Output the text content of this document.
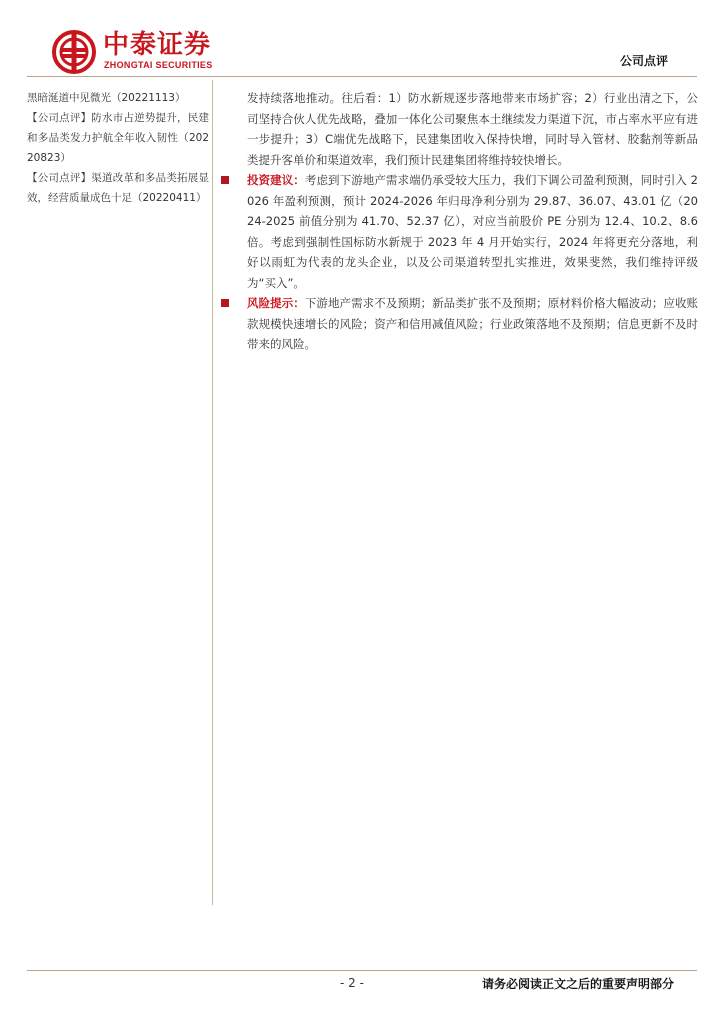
中泰证券
ZHONGTAI SECURITIES	公司点评

黑暗涎道中见微光（20221113）

【公司点评】防水市占逆势提升，民建和多品类发力护航全年收入韧性（20220823）

【公司点评】渠道改革和多品类拓展显效，经营质量成色十足（20220411）

发持续落地推动。往后看：1）防水新规逐步落地带来市场扩容；2）行业出清之下，公司坚持合伙人优先战略，叠加一体化公司聚焦本土继续发力渠道下沉，市占率水平应有进一步提升；3）C端优先战略下，民建集团收入保持快增，同时导入管材、胶黏剂等新品类提升客单价和渠道效率，我们预计民建集团将维持较快增长。

投资建议：考虑到下游地产需求端仍承受较大压力，我们下调公司盈利预测，同时引入 2026 年盈利预测，预计 2024-2026 年归母净利分别为 29.87、36.07、43.01 亿（2024-2025 前值分别为 41.70、52.37 亿），对应当前股价 PE 分别为 12.4、10.2、8.6 倍。考虑到强制性国标防水新规于 2023 年 4 月开始实行，2024 年将更充分落地，利好以雨虹为代表的龙头企业，以及公司渠道转型扎实推进，效果斐然，我们维持评级为“买入”。

风险提示：下游地产需求不及预期；新品类扩张不及预期；原材料价格大幅波动；应收账款规模快速增长的风险；资产和信用减值风险；行业政策落地不及预期；信息更新不及时带来的风险。

- 2 -	请务必阅读正文之后的重要声明部分
